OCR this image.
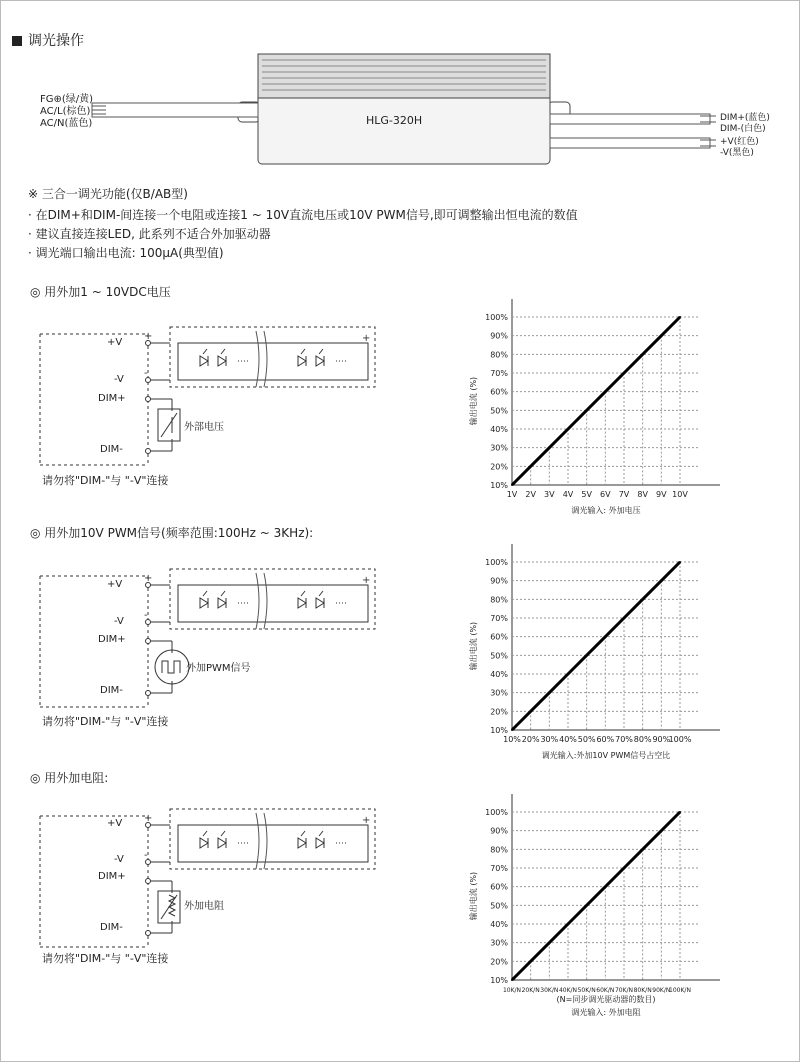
调光操作
HLG-320H
FG⊕(绿/黄)
AC/L(棕色)
AC/N(蓝色)	DIM+(蓝色)
DIM-(白色)
+V(红色)
-V(黑色)
※ 三合一调光功能(仅B/AB型)
· 在DIM+和DIM-间连接一个电阻或连接1 ~ 10V直流电压或10V PWM信号,即可调整输出恒电流的数值
· 建议直接连接LED, 此系列不适合外加驱动器
· 调光端口输出电流: 100μA(典型值)
◎ 用外加1 ~ 10VDC电压
◎ 用外加10V PWM信号(频率范围:100Hz ~ 3KHz):
◎ 用外加电阻:
+
-
+
-
+
-
+
-
+
-
+
-
+V
-V
DIM+
DIM-
外部电压
请勿将"DIM-"与 "-V"连接
+V
-V
DIM+
DIM-
外加PWM信号
请勿将"DIM-"与 "-V"连接
+V
-V
DIM+
DIM-
外加电阻
请勿将"DIM-"与 "-V"连接
10%
20%
30%
40%
50%
60%
70%
80%
90%
100%
1V 2V 3V 4V 5V 6V 7V 8V 9V 10V
输出电流 (%)
调光输入: 外加电压
10%
20%
30%
40%
50%
60%
70%
80%
90%
100%
10% 20% 30% 40% 50% 60% 70% 80% 90%
100%
输出电流 (%)
调光输入:外加10V PWM信号占空比
10%
20%
30%
40%
50%
60%
70%
80%
90%
100%
10K/N 20K/N 30K/N 40K/N 50K/N 60K/N 70K/N 80K/N 90K/N
100K/N
输出电流 (%)
(N=同步调光驱动器的数目)
调光输入: 外加电阻
